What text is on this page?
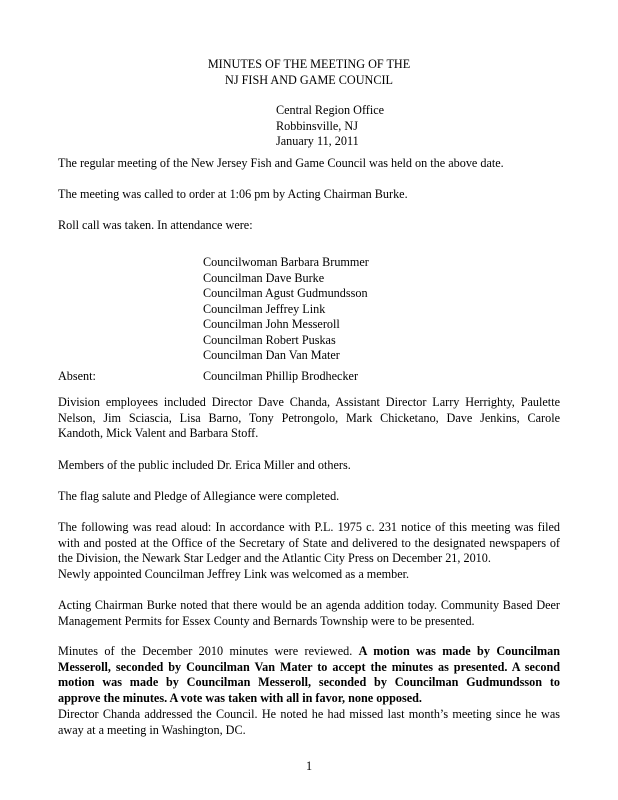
MINUTES OF THE MEETING OF THE
NJ FISH AND GAME COUNCIL
Central Region Office
Robbinsville, NJ
January 11, 2011

The regular meeting of the New Jersey Fish and Game Council was held on the above date.

The meeting was called to order at 1:06 pm by Acting Chairman Burke.

Roll call was taken. In attendance were:

Councilwoman Barbara Brummer
Councilman Dave Burke
Councilman Agust Gudmundsson
Councilman Jeffrey Link
Councilman John Messeroll
Councilman Robert Puskas
Councilman Dan Van Mater
Absent:	Councilman Phillip Brodhecker
Division employees included Director Dave Chanda, Assistant Director Larry Herrighty, Paulette
Nelson, Jim Sciascia, Lisa Barno, Tony Petrongolo, Mark Chicketano, Dave Jenkins, Carole
Kandoth, Mick Valent and Barbara Stoff.

Members of the public included Dr. Erica Miller and others.

The flag salute and Pledge of Allegiance were completed.

The following was read aloud: In accordance with P.L. 1975 c. 231 notice of this meeting was filed
with and posted at the Office of the Secretary of State and delivered to the designated newspapers of
the Division, the Newark Star Ledger and the Atlantic City Press on December 21, 2010.

Newly appointed Councilman Jeffrey Link was welcomed as a member.

Acting Chairman Burke noted that there would be an agenda addition today. Community Based Deer
Management Permits for Essex County and Bernards Township were to be presented.
Minutes of the December 2010 minutes were reviewed. A motion was made by Councilman
Messeroll, seconded by Councilman Van Mater to accept the minutes as presented. A second
motion was made by Councilman Messeroll, seconded by Councilman Gudmundsson to
approve the minutes. A vote was taken with all in favor, none opposed.
Director Chanda addressed the Council. He noted he had missed last month’s meeting since he was
away at a meeting in Washington, DC.
1
